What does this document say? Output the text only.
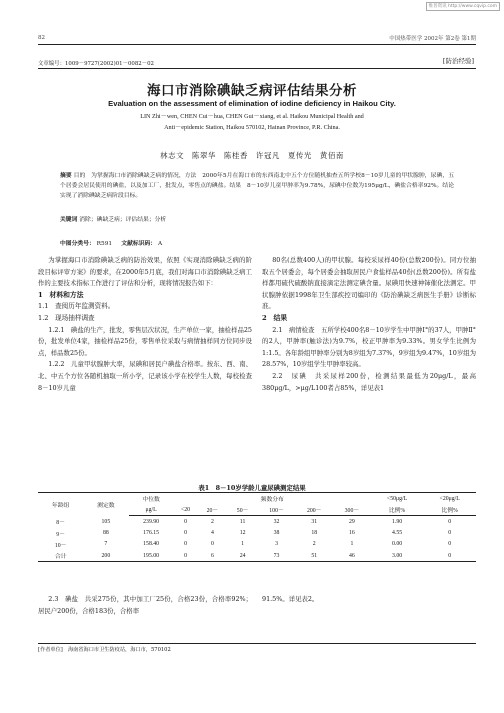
维普资讯 http://www.cqvip.com
82	中国热带医学 2002年 第2卷 第1期
文章编号：1009－9727(2002)01－0082－02	[防治经验]
海口市消除碘缺乏病评估结果分析
Evaluation on the assessment of elimination of iodine deficiency in Haikou City.
LIN Zhi－wen, CHEN Cui－hua, CHEN Gui－xiang, et al. Haikou Municipal Health and
Anti－epidemic Station, Haikou 570102, Hainan Province, P.R. China.
林志文　陈翠华　陈桂香　许冠凡　夏传光　黄佰南
摘要 目的　为掌握海口市消除碘缺乏病的情况，方法　2000年5月在海口市的东西南北中五个方位随机抽查五所学校8－10岁儿童的甲状腺肿，尿碘，五个居委会居民使用的碘盐，以及加工厂，批发点，零售点的碘盐。结果　8－10岁儿童甲肿率为9.78%，尿碘中位数为195μg/L，碘盐合格率92%。结论　实现了消除碘缺乏病阶段目标。
关键词 消除；碘缺乏病；评估结果；分析
中图分类号： R591 文献标识码： A

为掌握海口市消除碘缺乏病的防治效果，依照《实现消除碘缺乏病的阶段目标评审方案》的要求，在2000年5月底，我们对海口市消除碘缺乏病工作的主要技术指标工作进行了评估和分析，现将情况报告如下：

1　材料和方法
1.1　查阅历年监测资料。
1.2　现场抽样调查

1.2.1　碘盐的生产，批发，零售层次状况，生产单位一家，抽检样品25份，批发单位4家，抽检样品25份，零售单位采取与病情抽样同方位同步设点，样品数25份。

1.2.2　儿童甲状腺肿大率，尿碘和居民户碘盐合格率。按东、西、南、北、中五个方位各随机抽取一所小学，记录该小学在校学生人数，每校检查8－10岁儿童

80名(总数400人)的甲状腺。每校采尿样40份(总数200份)。同方位抽取五个居委会，每个居委会抽取居民户食盐样品40份(总数200份)。所有盐样都用硫代硫酸钠直接滴定法测定碘含量。尿碘用快速神铈催化法测定。甲状腺肿依据1998年卫生部疾控司编印的《防治碘缺乏病医生手册》诊断标准。

2　结果

2.1　病情检查　五所学校400名8－10岁学生中甲肿Ⅰ°的37人，甲肿Ⅱ°的2人，甲肿率(触诊法)为9.7%，校正甲肿率为9.33%。男女学生比例为1:1.5。各年龄组甲肿率分别为8岁组为7.37%，9岁组为9.47%，10岁组为28.57%，10岁组学生甲肿率较高。

2.2　尿碘　共采尿样200份，检测结果最低为20μg/L，最高380μg/L，>μg/L100者占85%，详见表1

表1　8－10岁学龄儿童尿碘测定结果
年龄组	测定数	中位数	频数分布						<50μg/L	<20μg/L
		μg/L	<20	20－	50－	100－	200－	300－	比例%	比例%
8－	105	239.90	0	2	11	32	31	29	1.90	0
9－	88	176.15	0	4	12	38	18	16	4.55	0
10－	7	158.40	0	0	1	3	2	1	0.00	0
合计	200	195.00	0	6	24	73	51	46	3.00	0

2.3　碘盐　共采275份，其中加工厂25份，合格23份，合格率92%；居民户200份，合格183份，合格率

91.5%。详见表2。

[作者单位]　海南省海口市卫生防疫站，海口市，570102
